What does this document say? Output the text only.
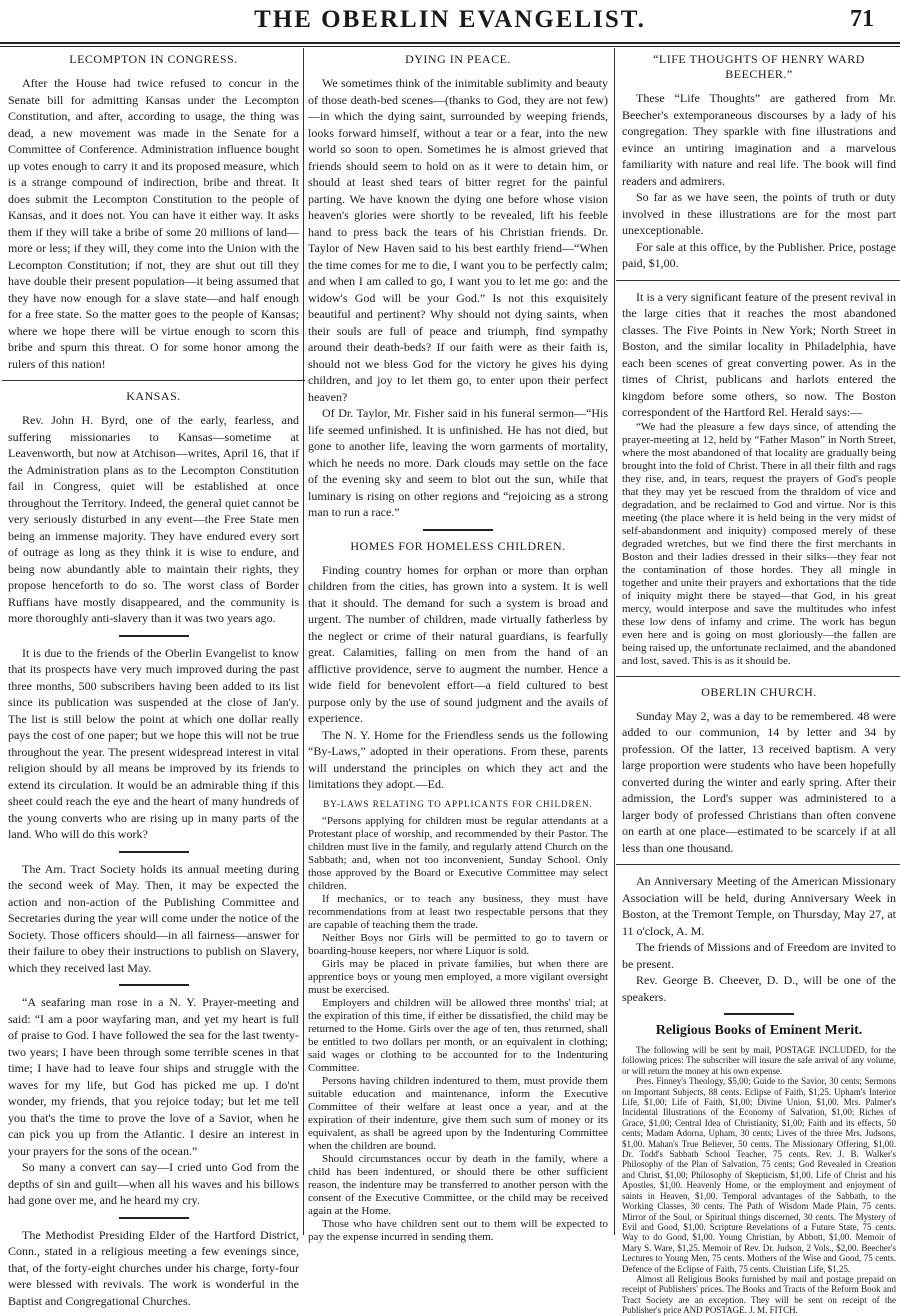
THE OBERLIN EVANGELIST.	71
LECOMPTON IN CONGRESS.

After the House had twice refused to concur in the Senate bill for admitting Kansas under the Lecompton Constitution, and after, according to usage, the thing was dead, a new movement was made in the Senate for a Committee of Conference. Administration influence bought up votes enough to carry it and its proposed measure, which is a strange compound of indirection, bribe and threat. It does submit the Lecompton Constitution to the people of Kansas, and it does not. You can have it either way. It asks them if they will take a bribe of some 20 millions of land—more or less; if they will, they come into the Union with the Lecompton Constitution; if not, they are shut out till they have double their present population—it being assumed that they have now enough for a slave state—and half enough for a free state. So the matter goes to the people of Kansas; where we hope there will be virtue enough to scorn this bribe and spurn this threat. O for some honor among the rulers of this nation!

KANSAS.

Rev. John H. Byrd, one of the early, fearless, and suffering missionaries to Kansas—sometime at Leavenworth, but now at Atchison—writes, April 16, that if the Administration plans as to the Lecompton Constitution fail in Congress, quiet will be established at once throughout the Territory. Indeed, the general quiet cannot be very seriously disturbed in any event—the Free State men being an immense majority. They have endured every sort of outrage as long as they think it is wise to endure, and being now abundantly able to maintain their rights, they propose henceforth to do so. The worst class of Border Ruffians have mostly disappeared, and the community is more thoroughly anti-slavery than it was two years ago.

It is due to the friends of the Oberlin Evangelist to know that its prospects have very much improved during the past three months, 500 subscribers having been added to its list since its publication was suspended at the close of Jan'y. The list is still below the point at which one dollar really pays the cost of one paper; but we hope this will not be true throughout the year. The present widespread interest in vital religion should by all means be improved by its friends to extend its circulation. It would be an admirable thing if this sheet could reach the eye and the heart of many hundreds of the young converts who are rising up in many parts of the land. Who will do this work?

The Am. Tract Society holds its annual meeting during the second week of May. Then, it may be expected the action and non-action of the Publishing Committee and Secretaries during the year will come under the notice of the Society. Those officers should—in all fairness—answer for their failure to obey their instructions to publish on Slavery, which they received last May.

“A seafaring man rose in a N. Y. Prayer-meeting and said: “I am a poor wayfaring man, and yet my heart is full of praise to God. I have followed the sea for the last twenty-two years; I have been through some terrible scenes in that time; I have had to leave four ships and struggle with the waves for my life, but God has picked me up. I do'nt wonder, my friends, that you rejoice today; but let me tell you that's the time to prove the love of a Savior, when he can pick you up from the Atlantic. I desire an interest in your prayers for the sons of the ocean.”

So many a convert can say—I cried unto God from the depths of sin and guilt—when all his waves and his billows had gone over me, and he heard my cry.

The Methodist Presiding Elder of the Hartford District, Conn., stated in a religious meeting a few evenings since, that, of the forty-eight churches under his charge, forty-four were blessed with revivals. The work is wonderful in the Baptist and Congregational Churches.

DYING IN PEACE.

We sometimes think of the inimitable sublimity and beauty of those death-bed scenes—(thanks to God, they are not few)—in which the dying saint, surrounded by weeping friends, looks forward himself, without a tear or a fear, into the new world so soon to open. Sometimes he is almost grieved that friends should seem to hold on as it were to detain him, or should at least shed tears of bitter regret for the painful parting. We have known the dying one before whose vision heaven's glories were shortly to be revealed, lift his feeble hand to press back the tears of his Christian friends. Dr. Taylor of New Haven said to his best earthly friend—“When the time comes for me to die, I want you to be perfectly calm; and when I am called to go, I want you to let me go: and the widow's God will be your God.” Is not this exquisitely beautiful and pertinent? Why should not dying saints, when their souls are full of peace and triumph, find sympathy around their death-beds? If our faith were as their faith is, should not we bless God for the victory he gives his dying children, and joy to let them go, to enter upon their perfect heaven?

Of Dr. Taylor, Mr. Fisher said in his funeral sermon—“His life seemed unfinished. It is unfinished. He has not died, but gone to another life, leaving the worn garments of mortality, which he needs no more. Dark clouds may settle on the face of the evening sky and seem to blot out the sun, while that luminary is rising on other regions and “rejoicing as a strong man to run a race.”

HOMES FOR HOMELESS CHILDREN.

Finding country homes for orphan or more than orphan children from the cities, has grown into a system. It is well that it should. The demand for such a system is broad and urgent. The number of children, made virtually fatherless by the neglect or crime of their natural guardians, is fearfully great. Calamities, falling on men from the hand of an afflictive providence, serve to augment the number. Hence a wide field for benevolent effort—a field cultured to best purpose only by the use of sound judgment and the avails of experience.

The N. Y. Home for the Friendless sends us the following “By-Laws,” adopted in their operations. From these, parents will understand the principles on which they act and the limitations they adopt.—Ed.

BY-LAWS RELATING TO APPLICANTS FOR CHILDREN.

“Persons applying for children must be regular attendants at a Protestant place of worship, and recommended by their Pastor. The children must live in the family, and regularly attend Church on the Sabbath; and, when not too inconvenient, Sunday School. Only those approved by the Board or Executive Committee may select children.

If mechanics, or to teach any business, they must have recommendations from at least two respectable persons that they are capable of teaching them the trade.

Neither Boys nor Girls will be permitted to go to tavern or boarding-house keepers, nor where Liquor is sold.

Girls may be placed in private families, but when there are apprentice boys or young men employed, a more vigilant oversight must be exercised.

Employers and children will be allowed three months' trial; at the expiration of this time, if either be dissatisfied, the child may be returned to the Home. Girls over the age of ten, thus returned, shall be entitled to two dollars per month, or an equivalent in clothing; said wages or clothing to be accounted for to the Indenturing Committee.

Persons having children indentured to them, must provide them suitable education and maintenance, inform the Executive Committee of their welfare at least once a year, and at the expiration of their indenture, give them such sum of money or its equivalent, as shall be agreed upon by the Indenturing Committee when the children are bound.

Should circumstances occur by death in the family, where a child has been indentured, or should there be other sufficient reason, the indenture may be transferred to another person with the consent of the Executive Committee, or the child may be received again at the Home.

Those who have children sent out to them will be expected to pay the expense incurred in sending them.

“LIFE THOUGHTS OF HENRY WARD BEECHER.”

These “Life Thoughts” are gathered from Mr. Beecher's extemporaneous discourses by a lady of his congregation. They sparkle with fine illustrations and evince an untiring imagination and a marvelous familiarity with nature and real life. The book will find readers and admirers.

So far as we have seen, the points of truth or duty involved in these illustrations are for the most part unexceptionable.

For sale at this office, by the Publisher. Price, postage paid, $1,00.

It is a very significant feature of the present revival in the large cities that it reaches the most abandoned classes. The Five Points in New York; North Street in Boston, and the similar locality in Philadelphia, have each been scenes of great converting power. As in the times of Christ, publicans and harlots entered the kingdom before some others, so now. The Boston correspondent of the Hartford Rel. Herald says:—

“We had the pleasure a few days since, of attending the prayer-meeting at 12, held by “Father Mason” in North Street, where the most abandoned of that locality are gradually being brought into the fold of Christ. There in all their filth and rags they rise, and, in tears, request the prayers of God's people that they may yet be rescued from the thraldom of vice and degradation, and be reclaimed to God and virtue. Nor is this meeting (the place where it is held being in the very midst of self-abandonment and iniquity) composed merely of these degraded wretches, but we find there the first merchants in Boston and their ladies dressed in their silks—they fear not the contamination of those hordes. They all mingle in together and unite their prayers and exhortations that the tide of iniquity might there be stayed—that God, in his great mercy, would interpose and save the multitudes who infest these low dens of infamy and crime. The work has begun even here and is going on most gloriously—the fallen are being raised up, the unfortunate reclaimed, and the abandoned and lost, saved. This is as it should be.

OBERLIN CHURCH.

Sunday May 2, was a day to be remembered. 48 were added to our communion, 14 by letter and 34 by profession. Of the latter, 13 received baptism. A very large proportion were students who have been hopefully converted during the winter and early spring. After their admission, the Lord's supper was administered to a larger body of professed Christians than often convene on earth at one place—estimated to be scarcely if at all less than one thousand.

An Anniversary Meeting of the American Missionary Association will be held, during Anniversary Week in Boston, at the Tremont Temple, on Thursday, May 27, at 11 o'clock, A. M.

The friends of Missions and of Freedom are invited to be present.

Rev. George B. Cheever, D. D., will be one of the speakers.

Religious Books of Eminent Merit.

The following will be sent by mail, POSTAGE INCLUDED, for the following prices: The subscriber will insure the safe arrival of any volume, or will return the money at his own expense.

Pres. Finney's Theology, $5,00; Guide to the Savior, 30 cents; Sermons on Important Subjects, 88 cents. Eclipse of Faith, $1,25. Upham's Interior Life, $1,00; Life of Faith, $1,00; Divine Union, $1,00. Mrs. Palmer's Incidental Illustrations of the Economy of Salvation, $1,00; Riches of Grace, $1,00; Central Idea of Christianity, $1,00; Faith and its effects, 50 cents; Madam Adorna, Upham, 30 cents; Lives of the three Mrs. Judsons, $1,00. Mahan's True Believer, 50 cents. The Missionary Offering, $1,00. Dr. Todd's Sabbath School Teacher, 75 cents. Rev. J. B. Walker's Philosophy of the Plan of Salvation, 75 cents; God Revealed in Creation and Christ, $1,00; Philosophy of Skepticism, $1,00. Life of Christ and his Apostles, $1,00. Heavenly Home, or the employment and enjoyment of saints in Heaven, $1,00. Temporal advantages of the Sabbath, to the Working Classes, 30 cents. The Path of Wisdom Made Plain, 75 cents. Mirror of the Soul, or Spiritual things discerned, 30 cents. The Mystery of Evil and Good, $1,00. Scripture Revelations of a Future State, 75 cents. Way to do Good, $1,00. Young Christian, by Abbott, $1,00. Memoir of Mary S. Ware, $1,25. Memoir of Rev. Dr. Judson, 2 Vols., $2,00. Beecher's Lectures to Young Men, 75 cents. Mothers of the Wise and Good, 75 cents. Defence of the Eclipse of Faith, 75 cents. Christian Life, $1,25.

Almost all Religious Books furnished by mail and postage prepaid on receipt of Publishers' prices. The Books and Tracts of the Reform Book and Tract Society are an exception. They will be sent on receipt of the Publisher's price AND POSTAGE. J. M. FITCH.
